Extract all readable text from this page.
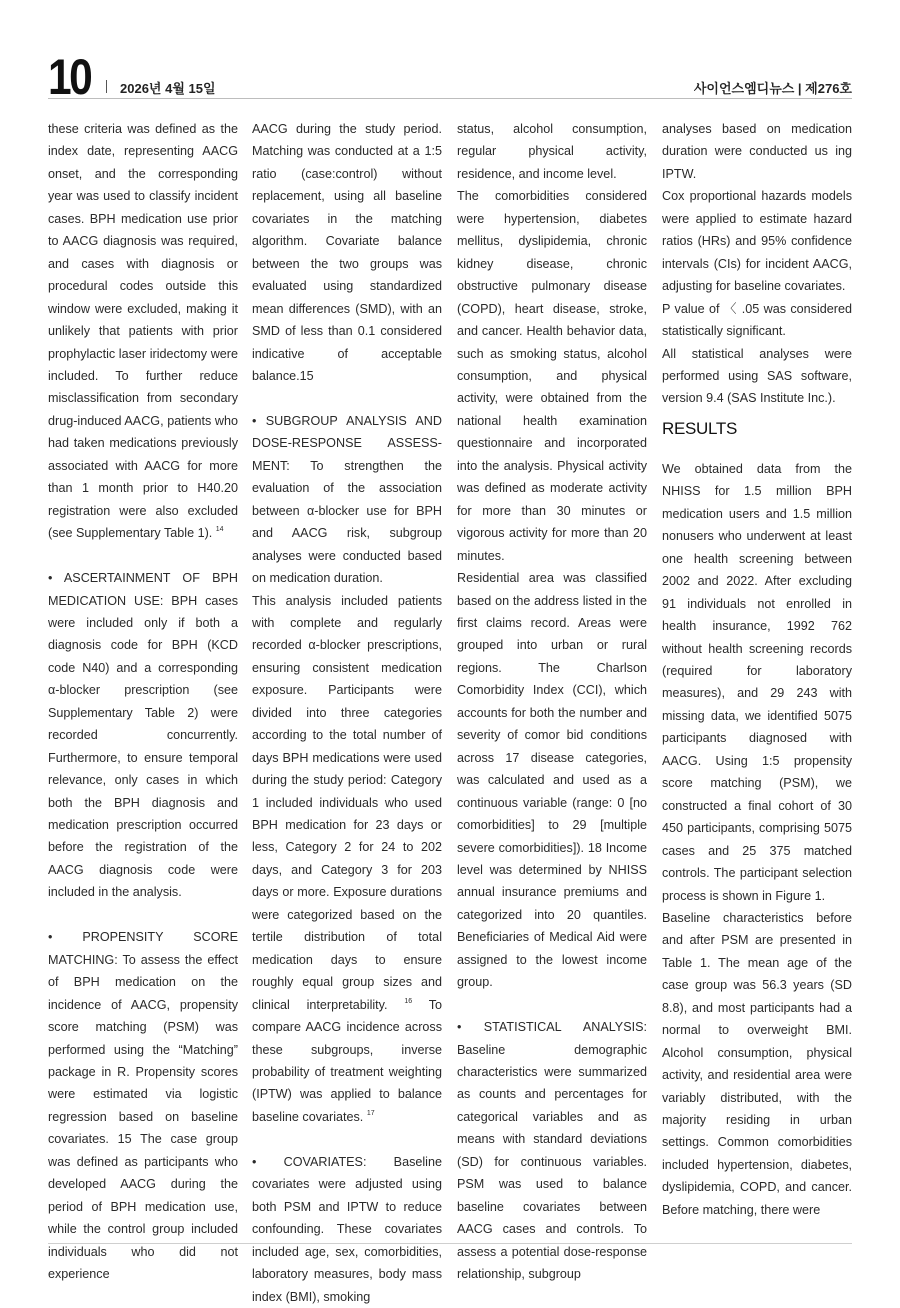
10 2026년 4월 15일	사이언스엠디뉴스 | 제276호

these criteria was defined as the index date, representing AACG onset, and the corresponding year was used to classify incident cases. BPH medication use prior to AACG diagnosis was required, and cases with diagnosis or procedural codes outside this window were excluded, making it unlikely that patients with prior prophylactic laser iridectomy were included. To further reduce misclassification from secondary drug-induced AACG, patients who had taken medications previously associated with AACG for more than 1 month prior to H40.20 registration were also excluded (see Supplementary Table 1). $^{14}$

• ASCERTAINMENT OF BPH MEDICATION USE: BPH cases were included only if both a diagnosis code for BPH (KCD code N40) and a corresponding α-blocker prescription (see Supplementary Table 2) were recorded concurrently. Furthermore, to ensure temporal relevance, only cases in which both the BPH diagnosis and medication prescription occurred before the registration of the AACG diagnosis code were included in the analysis.

• PROPENSITY SCORE MATCHING: To assess the effect of BPH medication on the incidence of AACG, propensity score matching (PSM) was performed using the “Matching” package in R. Propensity scores were estimated via logistic regression based on baseline covariates. 15 The case group was defined as participants who developed AACG during the period of BPH medication use, while the control group included individuals who did not experience

AACG during the study period. Matching was conducted at a 1:5 ratio (case:control) without replacement, using all baseline covariates in the matching algorithm. Covariate balance between the two groups was evaluated using standardized mean differences (SMD), with an SMD of less than 0.1 considered indicative of acceptable balance.15

• SUBGROUP ANALYSIS AND DOSE-RESPONSE ASSESS-MENT: To strengthen the evaluation of the association between α-blocker use for BPH and AACG risk, subgroup analyses were conducted based on medication duration.

This analysis included patients with complete and regularly recorded α-blocker prescriptions, ensuring consistent medication exposure. Participants were divided into three categories according to the total number of days BPH medications were used during the study period: Category 1 included individuals who used BPH medication for 23 days or less, Category 2 for 24 to 202 days, and Category 3 for 203 days or more. Exposure durations were categorized based on the tertile distribution of total medication days to ensure roughly equal group sizes and clinical interpretability. $^{16}$ To compare AACG incidence across these subgroups, inverse probability of treatment weighting (IPTW) was applied to balance baseline covariates. $^{17}$

• COVARIATES: Baseline covariates were adjusted using both PSM and IPTW to reduce confounding. These covariates included age, sex, comorbidities, laboratory measures, body mass index (BMI), smoking

status, alcohol consumption, regular physical activity, residence, and income level.

The comorbidities considered were hypertension, diabetes mellitus, dyslipidemia, chronic kidney disease, chronic obstructive pulmonary disease (COPD), heart disease, stroke, and cancer. Health behavior data, such as smoking status, alcohol consumption, and physical activity, were obtained from the national health examination questionnaire and incorporated into the analysis. Physical activity was defined as moderate activity for more than 30 minutes or vigorous activity for more than 20 minutes.

Residential area was classified based on the address listed in the first claims record. Areas were grouped into urban or rural regions. The Charlson Comorbidity Index (CCI), which accounts for both the number and severity of comor bid conditions across 17 disease categories, was calculated and used as a continuous variable (range: 0 [no comorbidities] to 29 [multiple severe comorbidities]). 18 Income level was determined by NHISS annual insurance premiums and categorized into 20 quantiles. Beneficiaries of Medical Aid were assigned to the lowest income group.

• STATISTICAL ANALYSIS: Baseline demographic characteristics were summarized as counts and percentages for categorical variables and as means with standard deviations (SD) for continuous variables. PSM was used to balance baseline covariates between AACG cases and controls. To assess a potential dose-response relationship, subgroup

analyses based on medication duration were conducted us ing IPTW.

Cox proportional hazards models were applied to estimate hazard ratios (HRs) and 95% confidence intervals (CIs) for incident AACG, adjusting for baseline covariates.

P value of 〈 .05 was considered statistically significant.

All statistical analyses were performed using SAS software, version 9.4 (SAS Institute Inc.).

RESULTS

We obtained data from the NHISS for 1.5 million BPH medication users and 1.5 million nonusers who underwent at least one health screening between 2002 and 2022. After excluding 91 individuals not enrolled in health insurance, 1992 762 without health screening records (required for laboratory measures), and 29 243 with missing data, we identified 5075 participants diagnosed with AACG. Using 1:5 propensity score matching (PSM), we constructed a final cohort of 30 450 participants, comprising 5075 cases and 25 375 matched controls. The participant selection process is shown in Figure 1.

Baseline characteristics before and after PSM are presented in Table 1. The mean age of the case group was 56.3 years (SD 8.8), and most participants had a normal to overweight BMI. Alcohol consumption, physical activity, and residential area were variably distributed, with the majority residing in urban settings. Common comorbidities included hypertension, diabetes, dyslipidemia, COPD, and cancer. Before matching, there were
